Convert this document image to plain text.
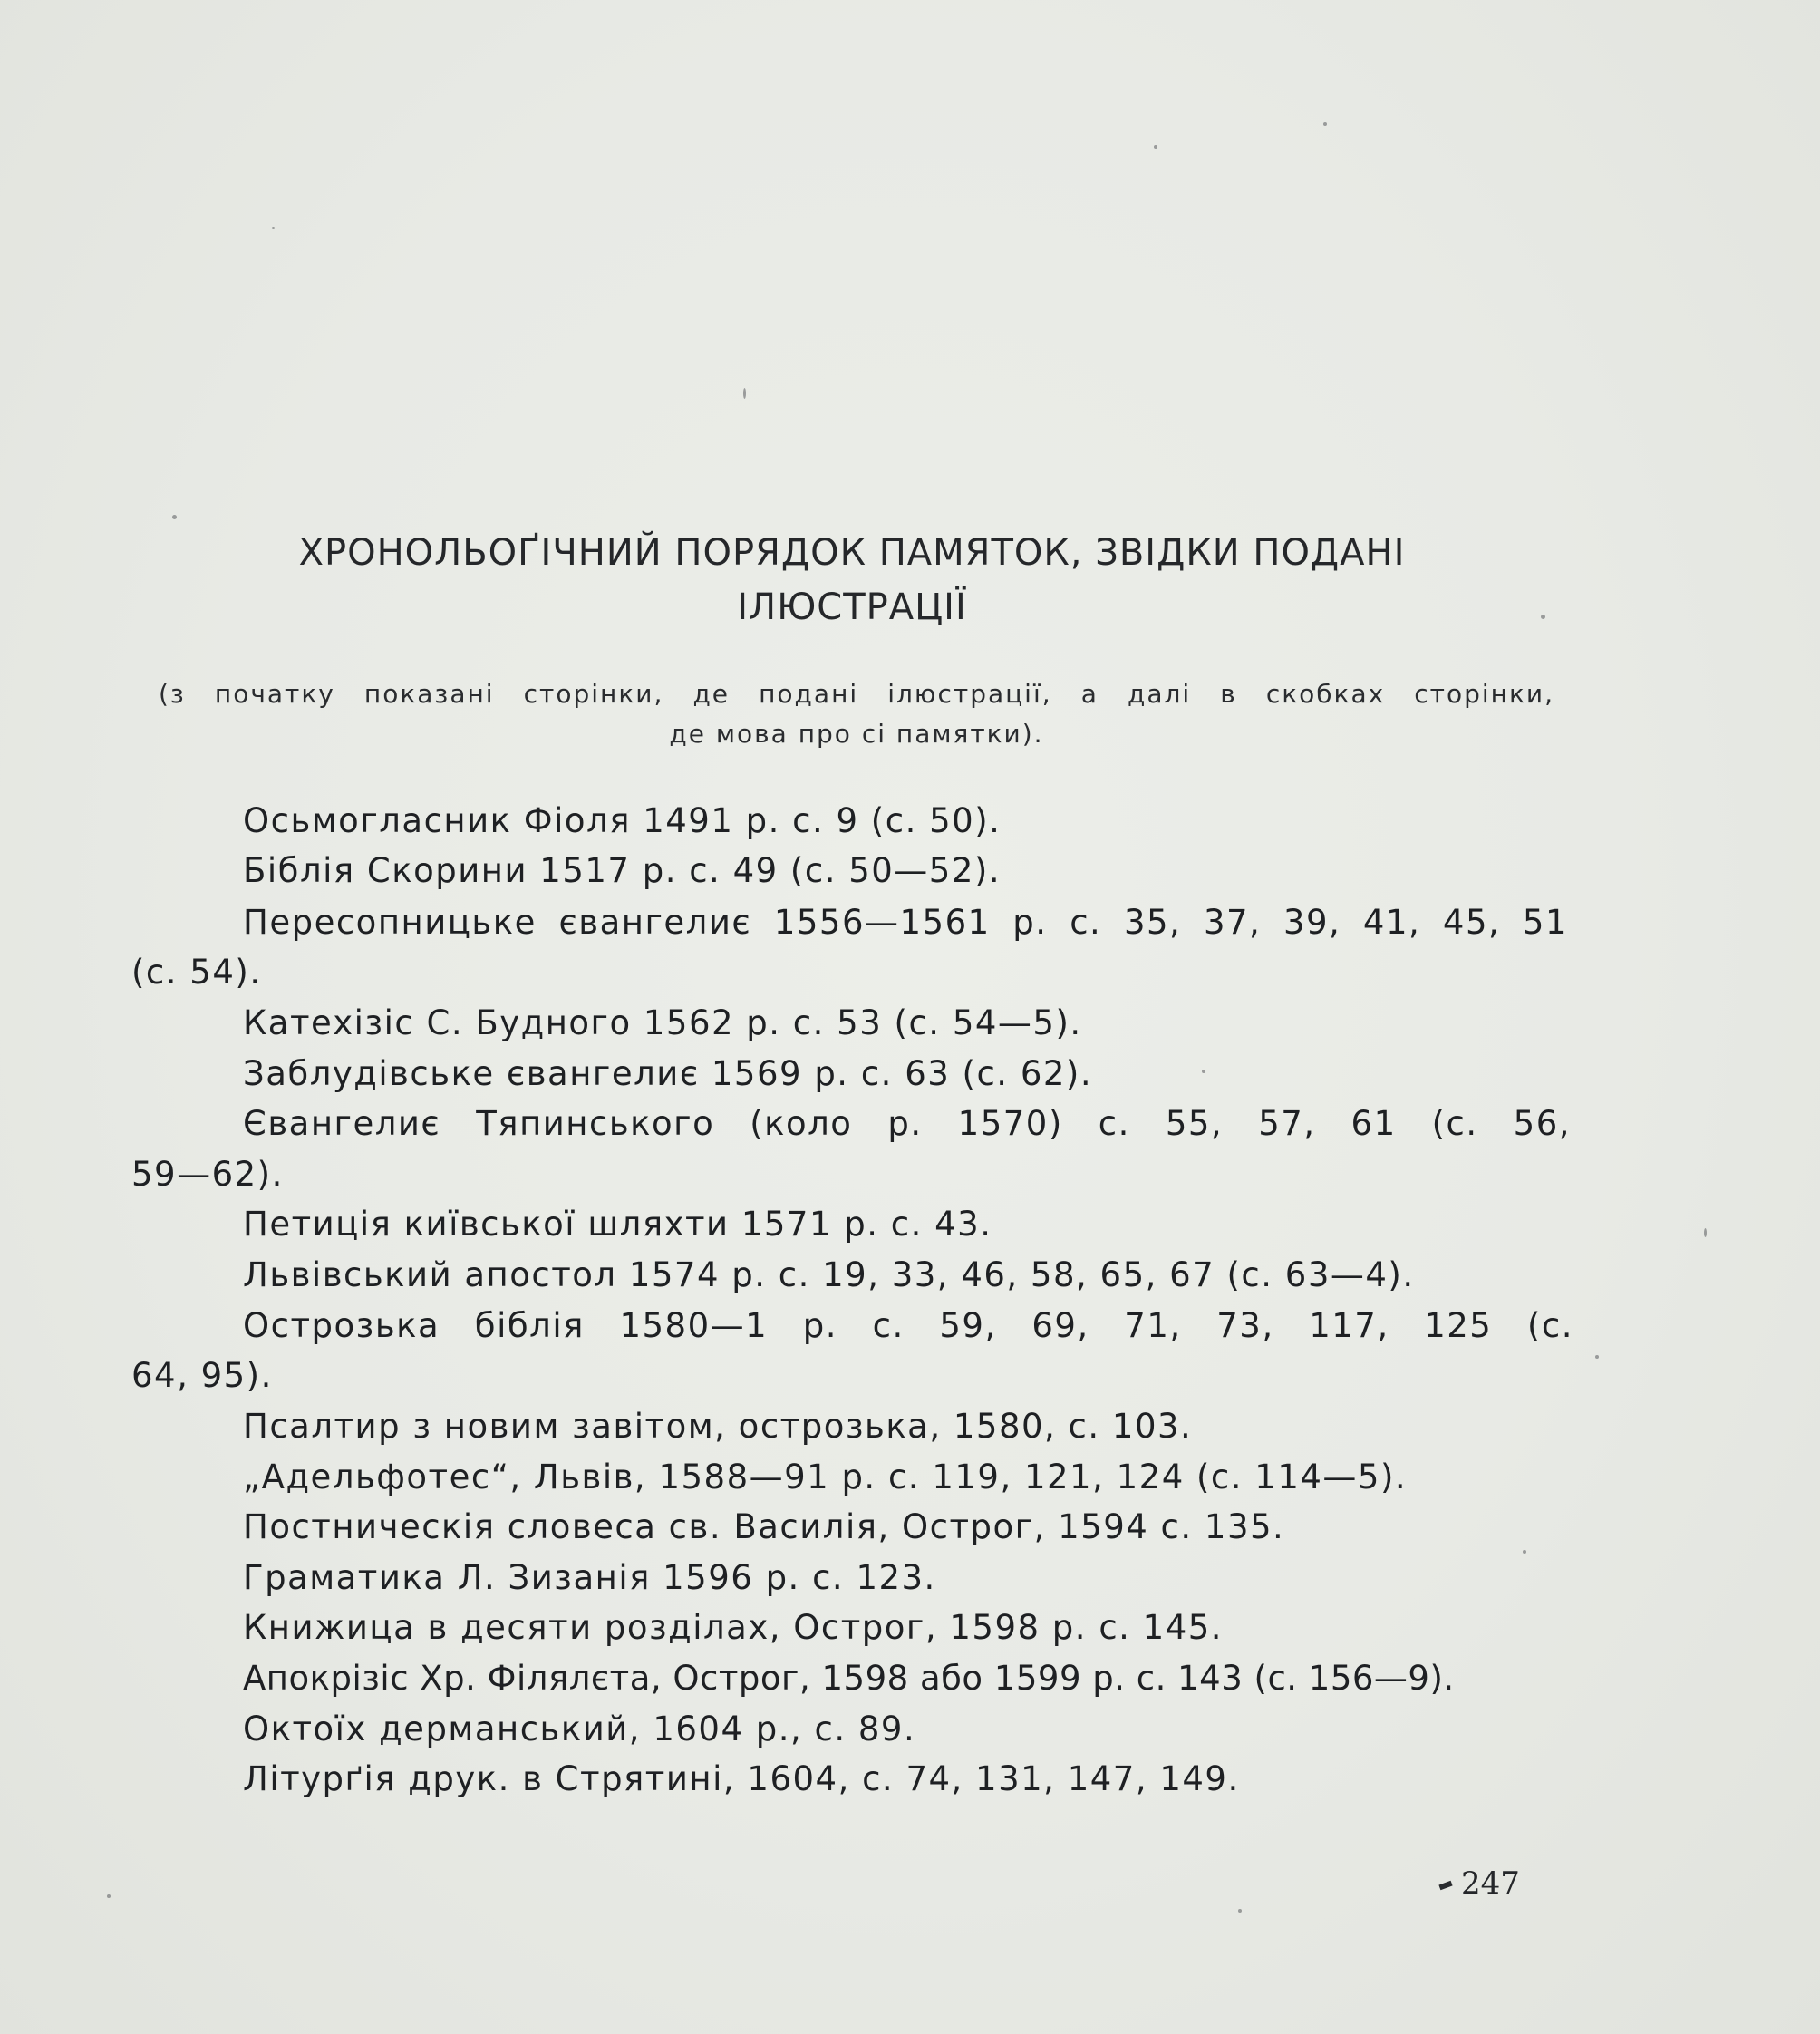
ХРОНОЛЬОҐІЧНИЙ ПОРЯДОК ПАМЯТОК, ЗВІДКИ ПОДАНІ
ІЛЮСТРАЦІЇ

(з початку показані сторінки, де подані ілюстрації, а далі в скобках сторінки,

де мова про сі памятки).

Осьмогласник Фіоля 1491 р. с. 9 (с. 50).

Біблія Скорини 1517 р. с. 49 (с. 50—52).

Пересопницьке євангелиє 1556—1561 р. с. 35, 37, 39, 41, 45, 51

(с. 54).

Катехізіс С. Будного 1562 р. с. 53 (с. 54—5).

Заблудівське євангелиє 1569 р. с. 63 (с. 62).

Євангелиє Тяпинського (коло р. 1570) с. 55, 57, 61 (с. 56,

59—62).

Петиція київської шляхти 1571 р. с. 43.

Львівський апостол 1574 р. с. 19, 33, 46, 58, 65, 67 (с. 63—4).

Острозька біблія 1580—1 р. с. 59, 69, 71, 73, 117, 125 (с.

64, 95).

Псалтир з новим завітом, острозька, 1580, с. 103.

„Адельфотес“, Львів, 1588—91 р. с. 119, 121, 124 (с. 114—5).

Постническія словеса св. Василія, Острог, 1594 с. 135.

Граматика Л. Зизанія 1596 р. с. 123.

Книжица в десяти розділах, Острог, 1598 р. с. 145.

Апокрізіс Хр. Філялєта, Острог, 1598 або 1599 р. с. 143 (с. 156—9).

Октоїх дерманський, 1604 р., с. 89.

Літурґія друк. в Стрятині, 1604, с. 74, 131, 147, 149.

247
